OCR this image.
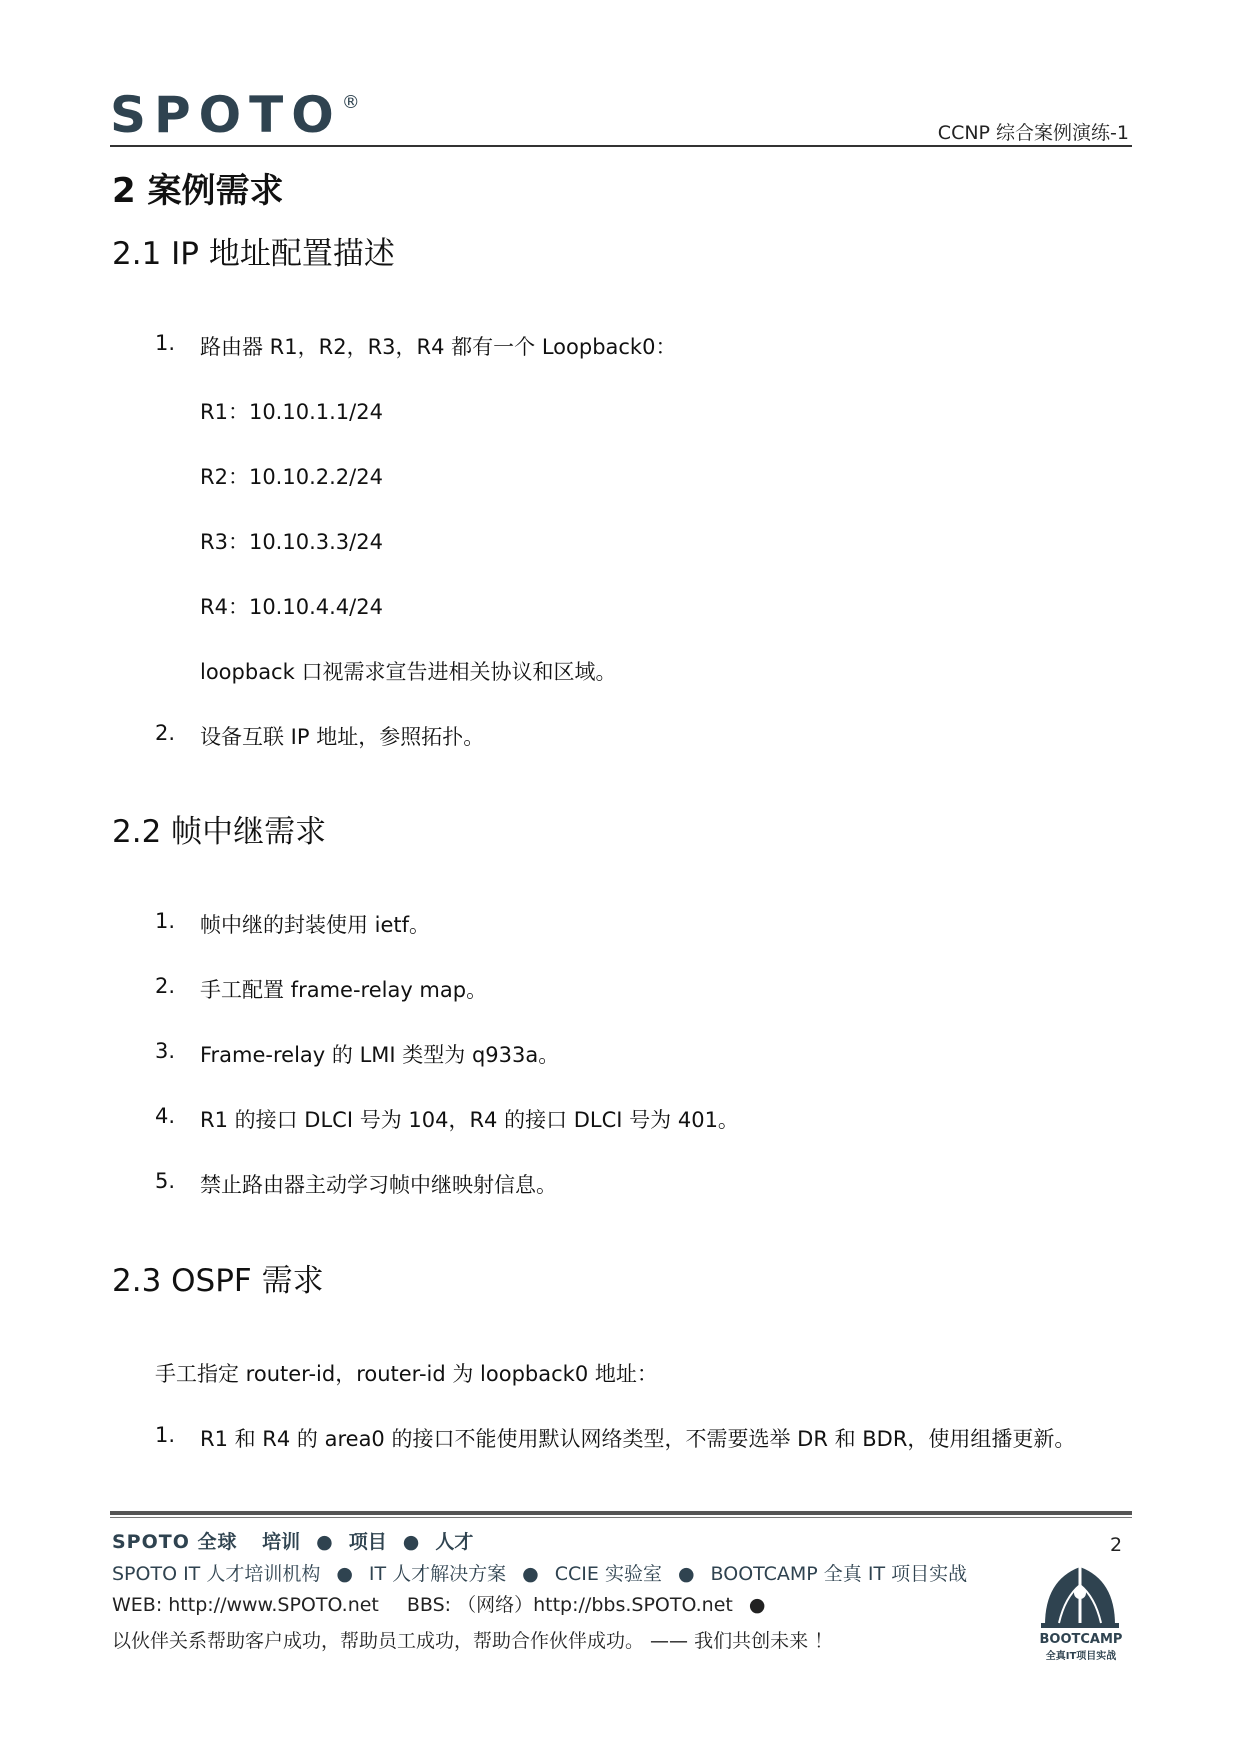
SPOTO®
CCNP 综合案例演练-1
2 案例需求
2.1 IP 地址配置描述
1. 路由器 R1，R2，R3，R4 都有一个 Loopback0：
R1：10.10.1.1/24
R2：10.10.2.2/24
R3：10.10.3.3/24
R4：10.10.4.4/24
loopback 口视需求宣告进相关协议和区域。
2. 设备互联 IP 地址，参照拓扑。
2.2 帧中继需求
1. 帧中继的封装使用 ietf。
2. 手工配置 frame-relay map。
3. Frame-relay 的 LMI 类型为 q933a。
4. R1 的接口 DLCI 号为 104，R4 的接口 DLCI 号为 401。
5. 禁止路由器主动学习帧中继映射信息。
2.3 OSPF 需求
手工指定 router-id，router-id 为 loopback0 地址：
1. R1 和 R4 的 area0 的接口不能使用默认网络类型，不需要选举 DR 和 BDR，使用组播更新。
SPOTO 全球 培训 ● 项目 ● 人才	2
SPOTO IT 人才培训机构 ● IT 人才解决方案 ● CCIE 实验室 ● BOOTCAMP 全真 IT 项目实战
WEB: http://www.SPOTO.net BBS: （网络）http://bbs.SPOTO.net ●
以伙伴关系帮助客户成功，帮助员工成功，帮助合作伙伴成功。 —— 我们共创未来 ！	BOOTCAMP
全真IT项目实战
